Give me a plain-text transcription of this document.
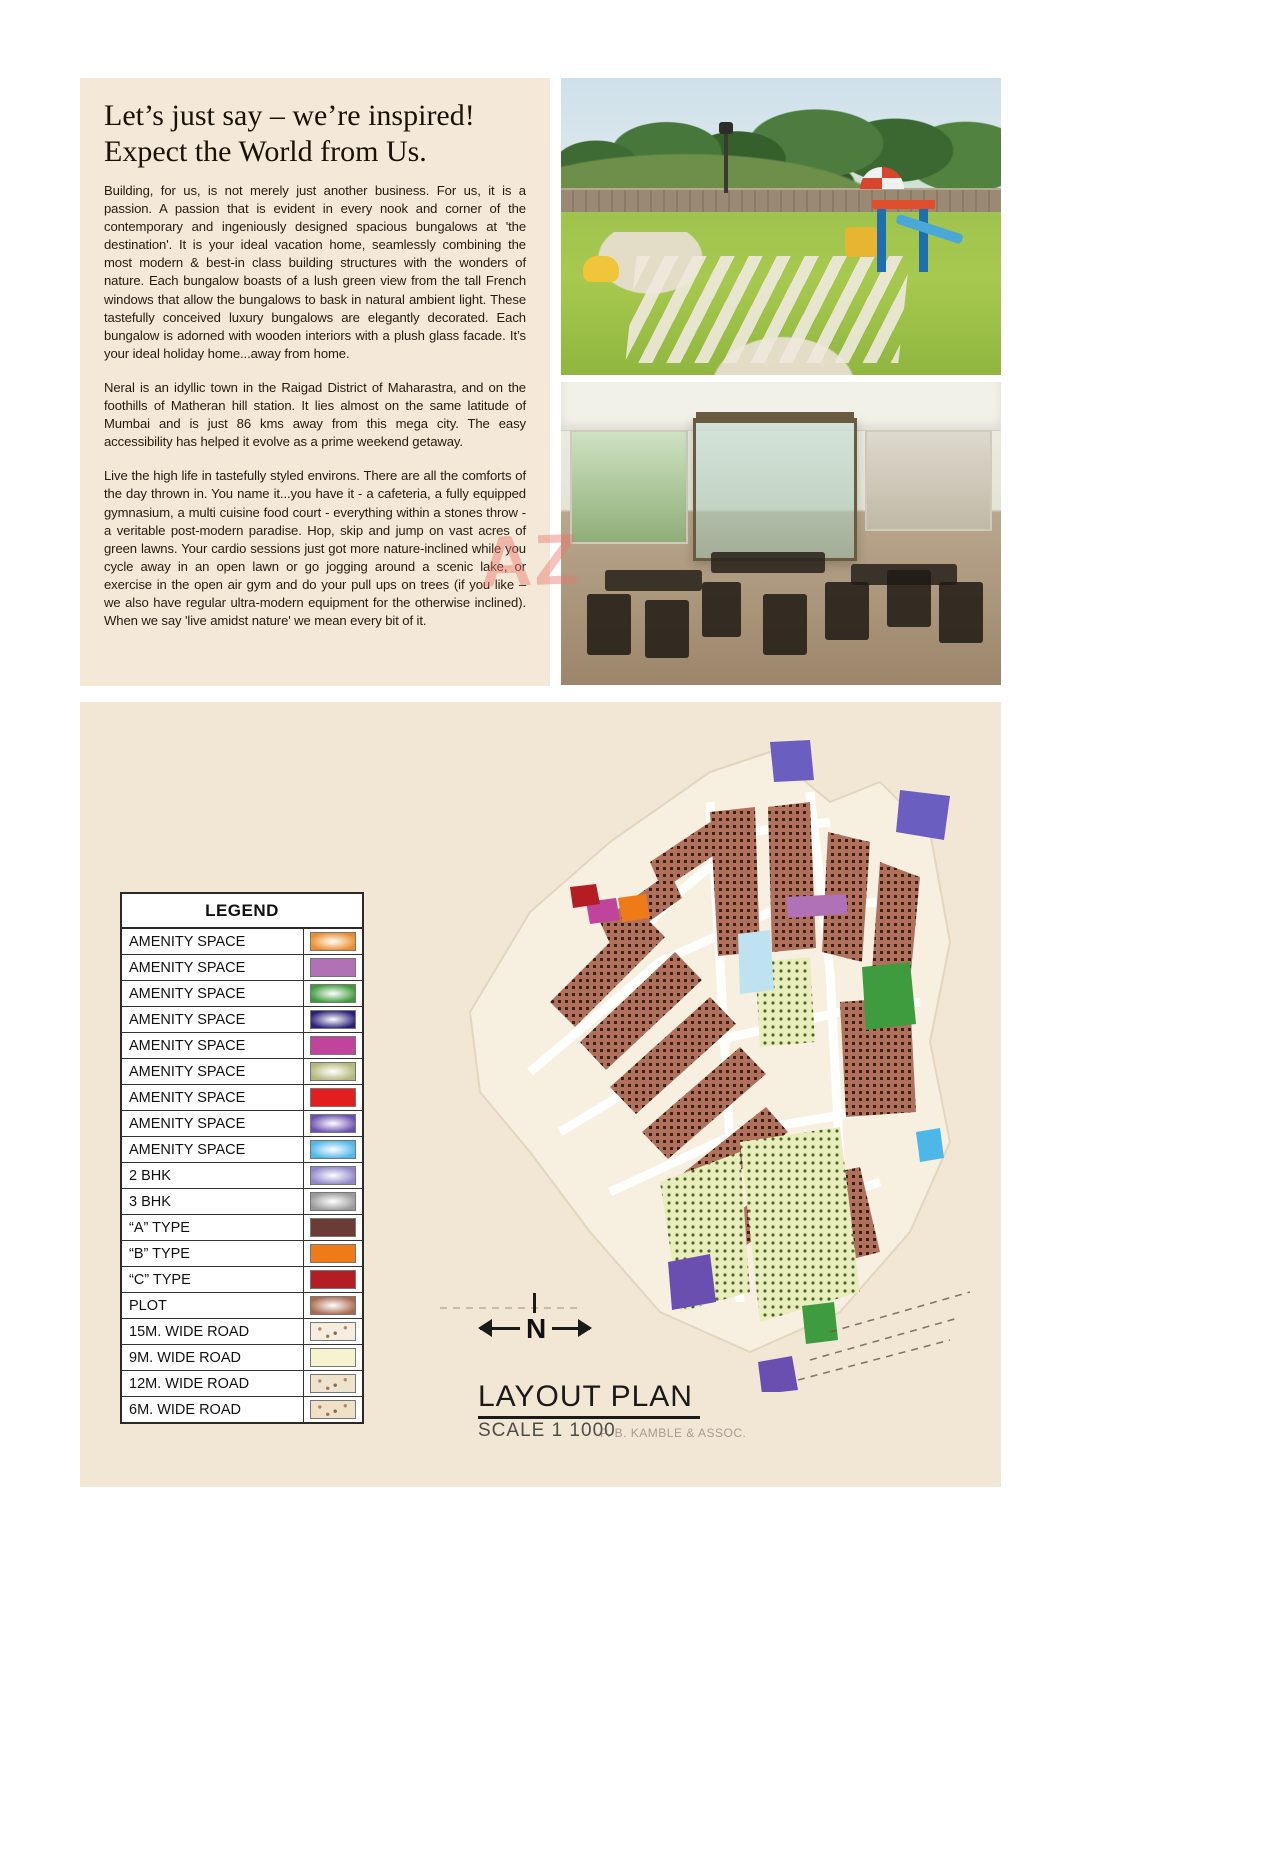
Let’s just say – we’re inspired!
Expect the World from Us.

Building, for us, is not merely just another business. For us, it is a passion. A passion that is evident in every nook and corner of the contemporary and ingeniously designed spacious bungalows at 'the destination'. It is your ideal vacation home, seamlessly combining the most modern & best-in class building structures with the wonders of nature. Each bungalow boasts of a lush green view from the tall French windows that allow the bungalows to bask in natural ambient light. These tastefully conceived luxury bungalows are elegantly decorated. Each bungalow is adorned with wooden interiors with a plush glass facade. It’s your ideal holiday home...away from home.

Neral is an idyllic town in the Raigad District of Maharastra, and on the foothills of Matheran hill station. It lies almost on the same latitude of Mumbai and is just 86 kms away from this mega city. The easy accessibility has helped it evolve as a prime weekend getaway.

Live the high life in tastefully styled environs. There are all the comforts of the day thrown in. You name it...you have it - a cafeteria, a fully equipped gymnasium, a multi cuisine food court - everything within a stones throw - a veritable post-modern paradise. Hop, skip and jump on vast acres of green lawns. Your cardio sessions just got more nature-inclined while you cycle away in an open lawn or go jogging around a scenic lake, or exercise in the open air gym and do your pull ups on trees (if you like – we also have regular ultra-modern equipment for the otherwise inclined). When we say 'live amidst nature' we mean every bit of it.

AZ
LEGEND
AMENITY SPACE
AMENITY SPACE
AMENITY SPACE
AMENITY SPACE
AMENITY SPACE
AMENITY SPACE
AMENITY SPACE
AMENITY SPACE
AMENITY SPACE
2 BHK
3 BHK
“A” TYPE
“B” TYPE
“C” TYPE
PLOT
15M. WIDE ROAD
9M. WIDE ROAD
12M. WIDE ROAD
6M. WIDE ROAD
N
LAYOUT PLAN
SCALE 1 1000
P. B. KAMBLE & ASSOC.
WWW.AZ.IN
